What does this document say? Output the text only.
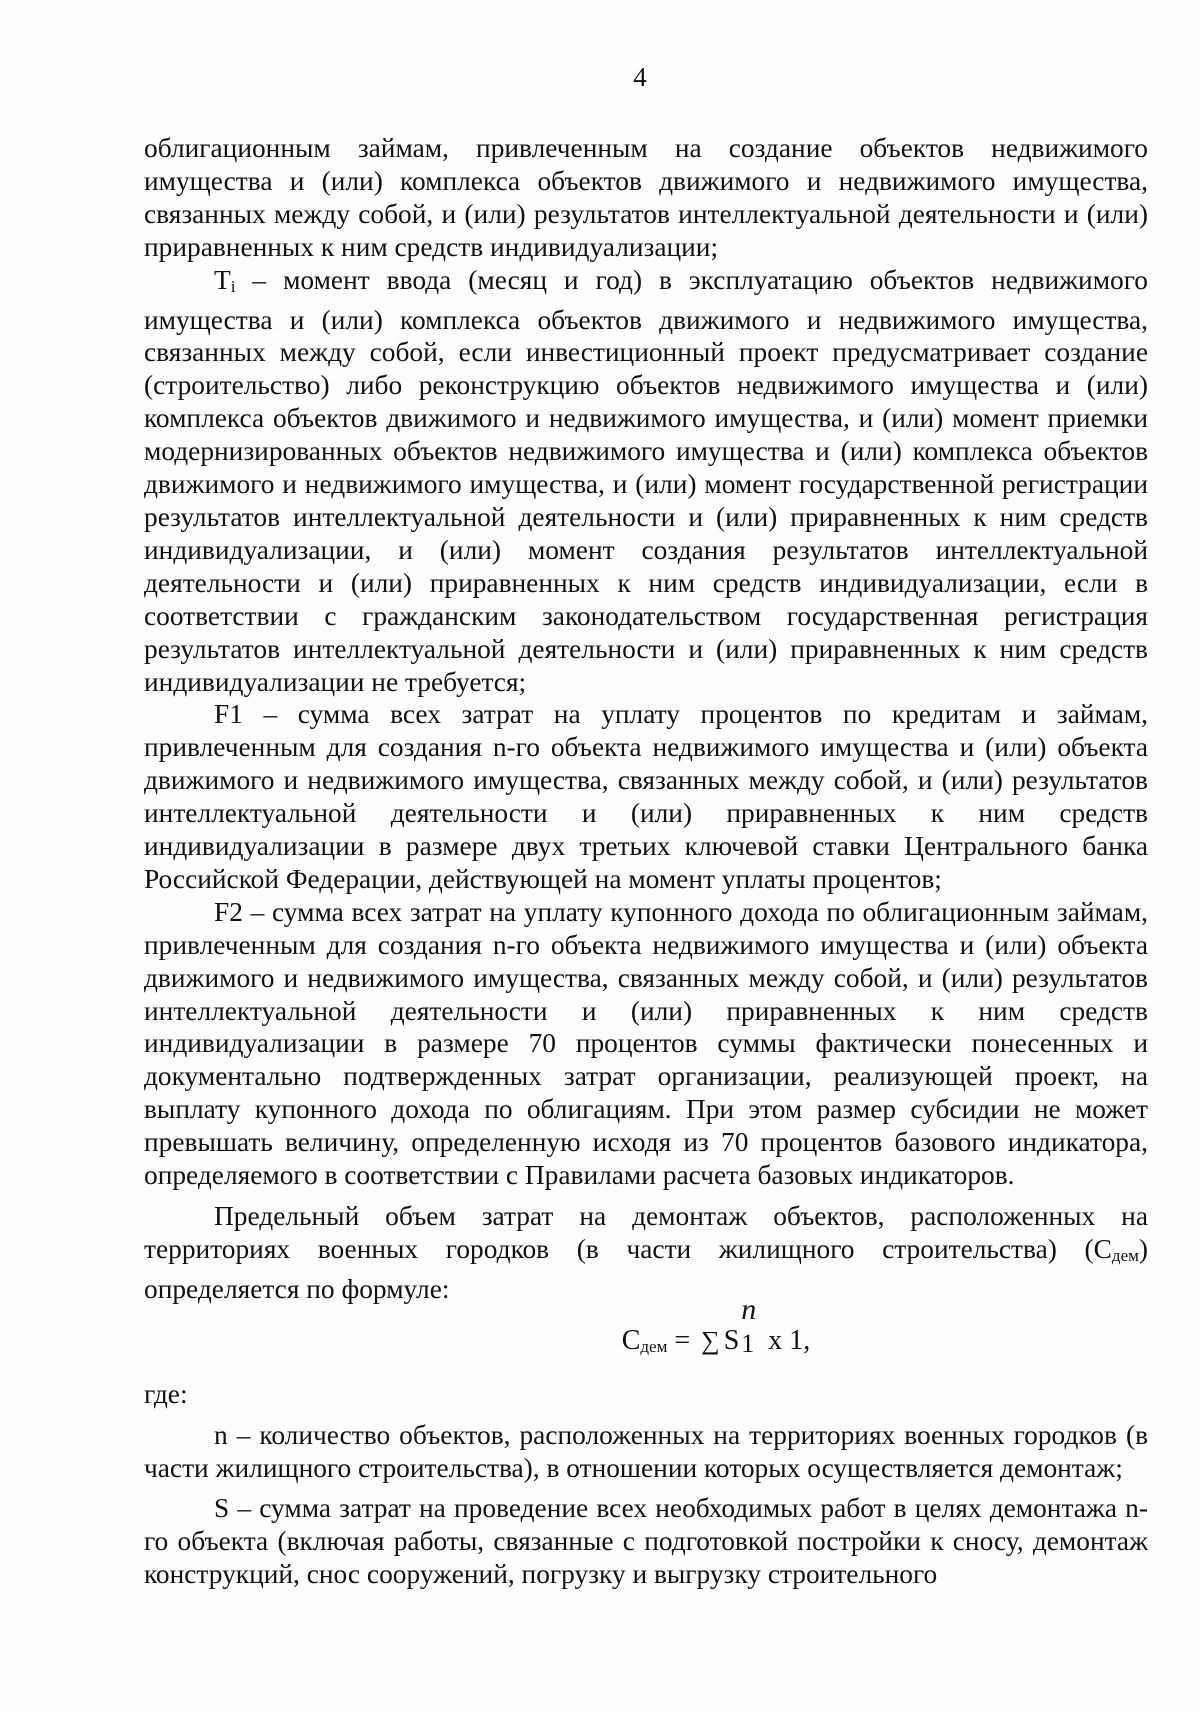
4

облигационным займам, привлеченным на создание объектов недвижимого имущества и (или) комплекса объектов движимого и недвижимого имущества, связанных между собой, и (или) результатов интеллектуальной деятельности и (или) приравненных к ним средств индивидуализации;

Ti – момент ввода (месяц и год) в эксплуатацию объектов недвижимого имущества и (или) комплекса объектов движимого и недвижимого имущества, связанных между собой, если инвестиционный проект предусматривает создание (строительство) либо реконструкцию объектов недвижимого имущества и (или) комплекса объектов движимого и недвижимого имущества, и (или) момент приемки модернизированных объектов недвижимого имущества и (или) комплекса объектов движимого и недвижимого имущества, и (или) момент государственной регистрации результатов интеллектуальной деятельности и (или) приравненных к ним средств индивидуализации, и (или) момент создания результатов интеллектуальной деятельности и (или) приравненных к ним средств индивидуализации, если в соответствии с гражданским законодательством государственная регистрация результатов интеллектуальной деятельности и (или) приравненных к ним средств индивидуализации не требуется;

F1 – сумма всех затрат на уплату процентов по кредитам и займам, привлеченным для создания n-го объекта недвижимого имущества и (или) объекта движимого и недвижимого имущества, связанных между собой, и (или) результатов интеллектуальной деятельности и (или) приравненных к ним средств индивидуализации в размере двух третьих ключевой ставки Центрального банка Российской Федерации, действующей на момент уплаты процентов;

F2 – сумма всех затрат на уплату купонного дохода по облигационным займам, привлеченным для создания n-го объекта недвижимого имущества и (или) объекта движимого и недвижимого имущества, связанных между собой, и (или) результатов интеллектуальной деятельности и (или) приравненных к ним средств индивидуализации в размере 70 процентов суммы фактически понесенных и документально подтвержденных затрат организации, реализующей проект, на выплату купонного дохода по облигациям. При этом размер субсидии не может превышать величину, определенную исходя из 70 процентов базового индикатора, определяемого в соответствии с Правилами расчета базовых индикаторов.

Предельный объем затрат на демонтаж объектов, расположенных на территориях военных городков (в части жилищного строительства) (Сдем) определяется по формуле:

Сдем = ∑ S
n
1 x 1,

где:

n – количество объектов, расположенных на территориях военных городков (в части жилищного строительства), в отношении которых осуществляется демонтаж;

S – сумма затрат на проведение всех необходимых работ в целях демонтажа n-го объекта (включая работы, связанные с подготовкой постройки к сносу, демонтаж конструкций, снос сооружений, погрузку и выгрузку строительного
